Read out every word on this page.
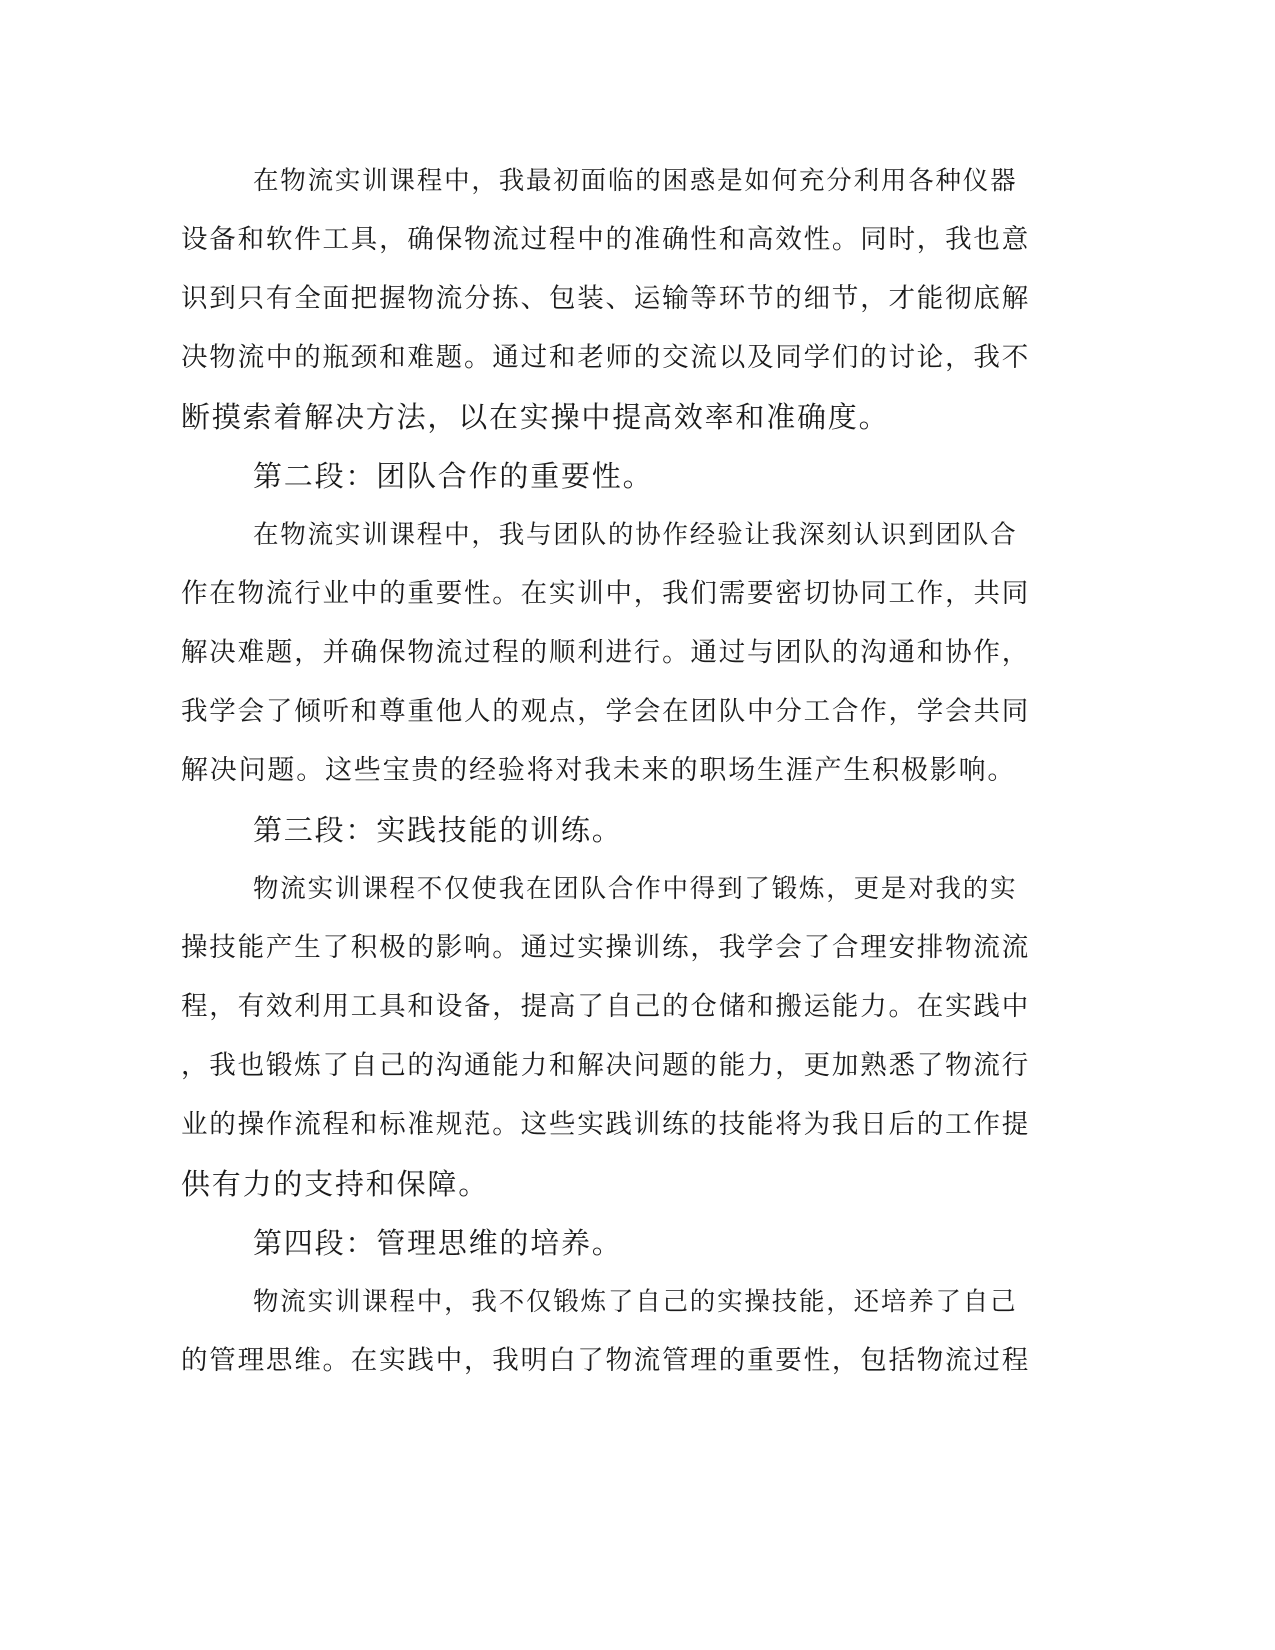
在物流实训课程中，我最初面临的困惑是如何充分利用各种仪器

设备和软件工具，确保物流过程中的准确性和高效性。同时，我也意

识到只有全面把握物流分拣、包装、运输等环节的细节，才能彻底解

决物流中的瓶颈和难题。通过和老师的交流以及同学们的讨论，我不

断摸索着解决方法，以在实操中提高效率和准确度。

第二段：团队合作的重要性。

在物流实训课程中，我与团队的协作经验让我深刻认识到团队合

作在物流行业中的重要性。在实训中，我们需要密切协同工作，共同

解决难题，并确保物流过程的顺利进行。通过与团队的沟通和协作，

我学会了倾听和尊重他人的观点，学会在团队中分工合作，学会共同

解决问题。这些宝贵的经验将对我未来的职场生涯产生积极影响。

第三段：实践技能的训练。

物流实训课程不仅使我在团队合作中得到了锻炼，更是对我的实

操技能产生了积极的影响。通过实操训练，我学会了合理安排物流流

程，有效利用工具和设备，提高了自己的仓储和搬运能力。在实践中

，我也锻炼了自己的沟通能力和解决问题的能力，更加熟悉了物流行

业的操作流程和标准规范。这些实践训练的技能将为我日后的工作提

供有力的支持和保障。

第四段：管理思维的培养。

物流实训课程中，我不仅锻炼了自己的实操技能，还培养了自己

的管理思维。在实践中，我明白了物流管理的重要性，包括物流过程
